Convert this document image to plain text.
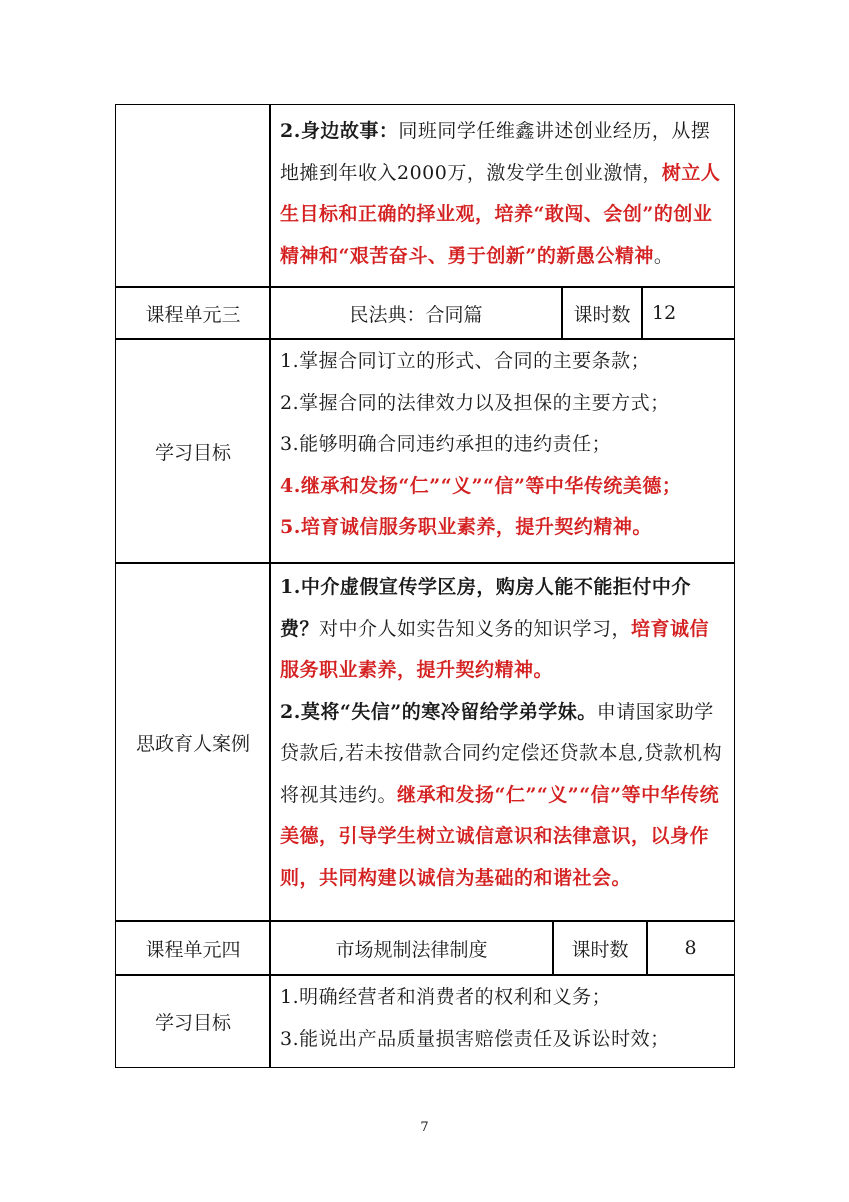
2.身边故事：同班同学任维鑫讲述创业经历，从摆地摊到年收入2000万，激发学生创业激情，树立人生目标和正确的择业观，培养“敢闯、会创”的创业精神和“艰苦奋斗、勇于创新”的新愚公精神。

课程单元三	民法典：合同篇	课时数 12
学习目标

1.掌握合同订立的形式、合同的主要条款；

2.掌握合同的法律效力以及担保的主要方式；

3.能够明确合同违约承担的违约责任；

4.继承和发扬“仁”“义”“信”等中华传统美德；

5.培育诚信服务职业素养，提升契约精神。

思政育人案例

1.中介虚假宣传学区房，购房人能不能拒付中介费？对中介人如实告知义务的知识学习，培育诚信服务职业素养，提升契约精神。

2.莫将“失信”的寒冷留给学弟学妹。申请国家助学贷款后,若未按借款合同约定偿还贷款本息,贷款机构将视其违约。继承和发扬“仁”“义”“信”等中华传统美德，引导学生树立诚信意识和法律意识，以身作则，共同构建以诚信为基础的和谐社会。

课程单元四	市场规制法律制度	课时数	8
学习目标

1.明确经营者和消费者的权利和义务；

3.能说出产品质量损害赔偿责任及诉讼时效；

7
